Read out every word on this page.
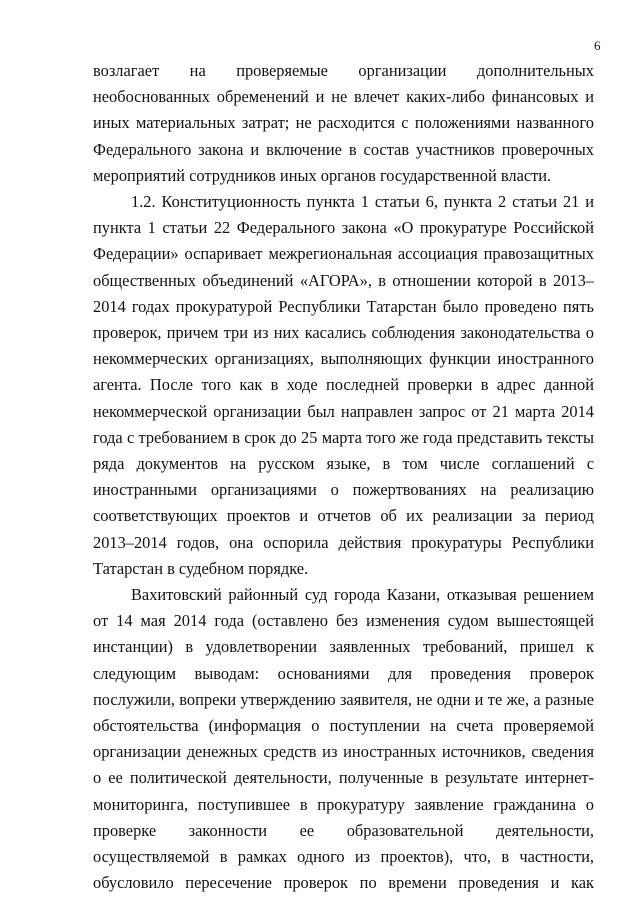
6

возлагает на проверяемые организации дополнительных необоснованных обременений и не влечет каких-либо финансовых и иных материальных затрат; не расходится с положениями названного Федерального закона и включение в состав участников проверочных мероприятий сотрудников иных органов государственной власти.

1.2. Конституционность пункта 1 статьи 6, пункта 2 статьи 21 и пункта 1 статьи 22 Федерального закона «О прокуратуре Российской Федерации» оспаривает межрегиональная ассоциация правозащитных общественных объединений «АГОРА», в отношении которой в 2013–2014 годах прокуратурой Республики Татарстан было проведено пять проверок, причем три из них касались соблюдения законодательства о некоммерческих организациях, выполняющих функции иностранного агента. После того как в ходе последней проверки в адрес данной некоммерческой организации был направлен запрос от 21 марта 2014 года с требованием в срок до 25 марта того же года представить тексты ряда документов на русском языке, в том числе соглашений с иностранными организациями о пожертвованиях на реализацию соответствующих проектов и отчетов об их реализации за период 2013–2014 годов, она оспорила действия прокуратуры Республики Татарстан в судебном порядке.

Вахитовский районный суд города Казани, отказывая решением от 14 мая 2014 года (оставлено без изменения судом вышестоящей инстанции) в удовлетворении заявленных требований, пришел к следующим выводам: основаниями для проведения проверок послужили, вопреки утверждению заявителя, не одни и те же, а разные обстоятельства (информация о поступлении на счета проверяемой организации денежных средств из иностранных источников, сведения о ее политической деятельности, полученные в результате интернет-мониторинга, поступившее в прокуратуру заявление гражданина о проверке законности ее образовательной деятельности, осуществляемой в рамках одного из проектов), что, в частности, обусловило пересечение проверок по времени проведения и как
